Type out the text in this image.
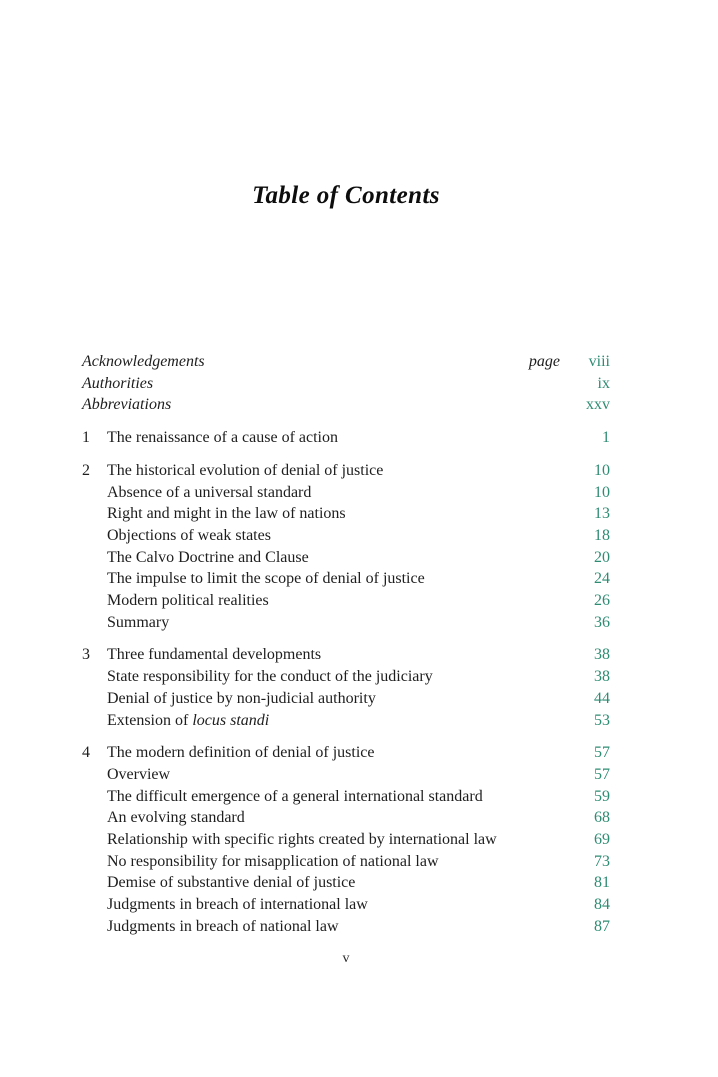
Table of Contents
Acknowledgements	page	viii
Authorities	ix
Abbreviations	xxv
1	The renaissance of a cause of action	1
2	The historical evolution of denial of justice	10
Absence of a universal standard	10
Right and might in the law of nations	13
Objections of weak states	18
The Calvo Doctrine and Clause	20
The impulse to limit the scope of denial of justice	24
Modern political realities	26
Summary	36
3	Three fundamental developments	38
State responsibility for the conduct of the judiciary	38
Denial of justice by non-judicial authority	44
Extension of locus standi	53
4	The modern definition of denial of justice	57
Overview	57
The difficult emergence of a general international standard	59
An evolving standard	68
Relationship with specific rights created by international law	69
No responsibility for misapplication of national law	73
Demise of substantive denial of justice	81
Judgments in breach of international law	84
Judgments in breach of national law	87
v
